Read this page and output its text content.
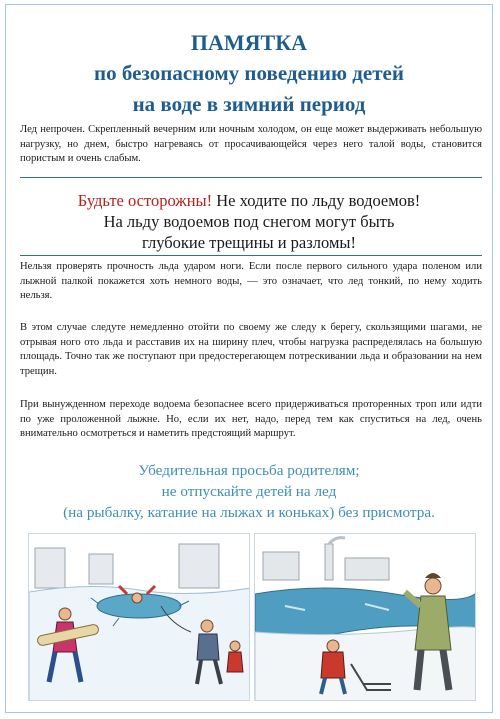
ПАМЯТКА
по безопасному поведению детей
на воде в зимний период

Лед непрочен. Скрепленный вечерним или ночным холодом, он еще может выдерживать небольшую нагрузку, но днем, быстро нагреваясь от просачивающейся через него талой воды, становится пористым и очень слабым.

Будьте осторожны! Не ходите по льду водоемов!
На льду водоемов под снегом могут быть
глубокие трещины и разломы!

Нельзя проверять прочность льда ударом ноги. Если после первого сильного удара поленом или лыжной палкой покажется хоть немного воды, — это означает, что лед тонкий, по нему ходить нельзя.

В этом случае следуте немедленно отойти по своему же следу к берегу, скользящими шагами, не отрывая ного ото льда и расставив их на ширину плеч, чтобы нагрузка распределялась на большую площадь. Точно так же поступают при предостерегающем потрескивании льда и образовании на нем трещин.

При вынужденном переходе водоема безопаснее всего придерживаться проторенных троп или идти по уже проложенной лыжне. Но, если их нет, надо, перед тем как спуститься на лед, очень внимательно осмотреться и наметить предстоящий маршрут.

Убедительная просьба родителям;
не отпускайте детей на лед
(на рыбалку, катание на лыжах и коньках) без присмотра.
